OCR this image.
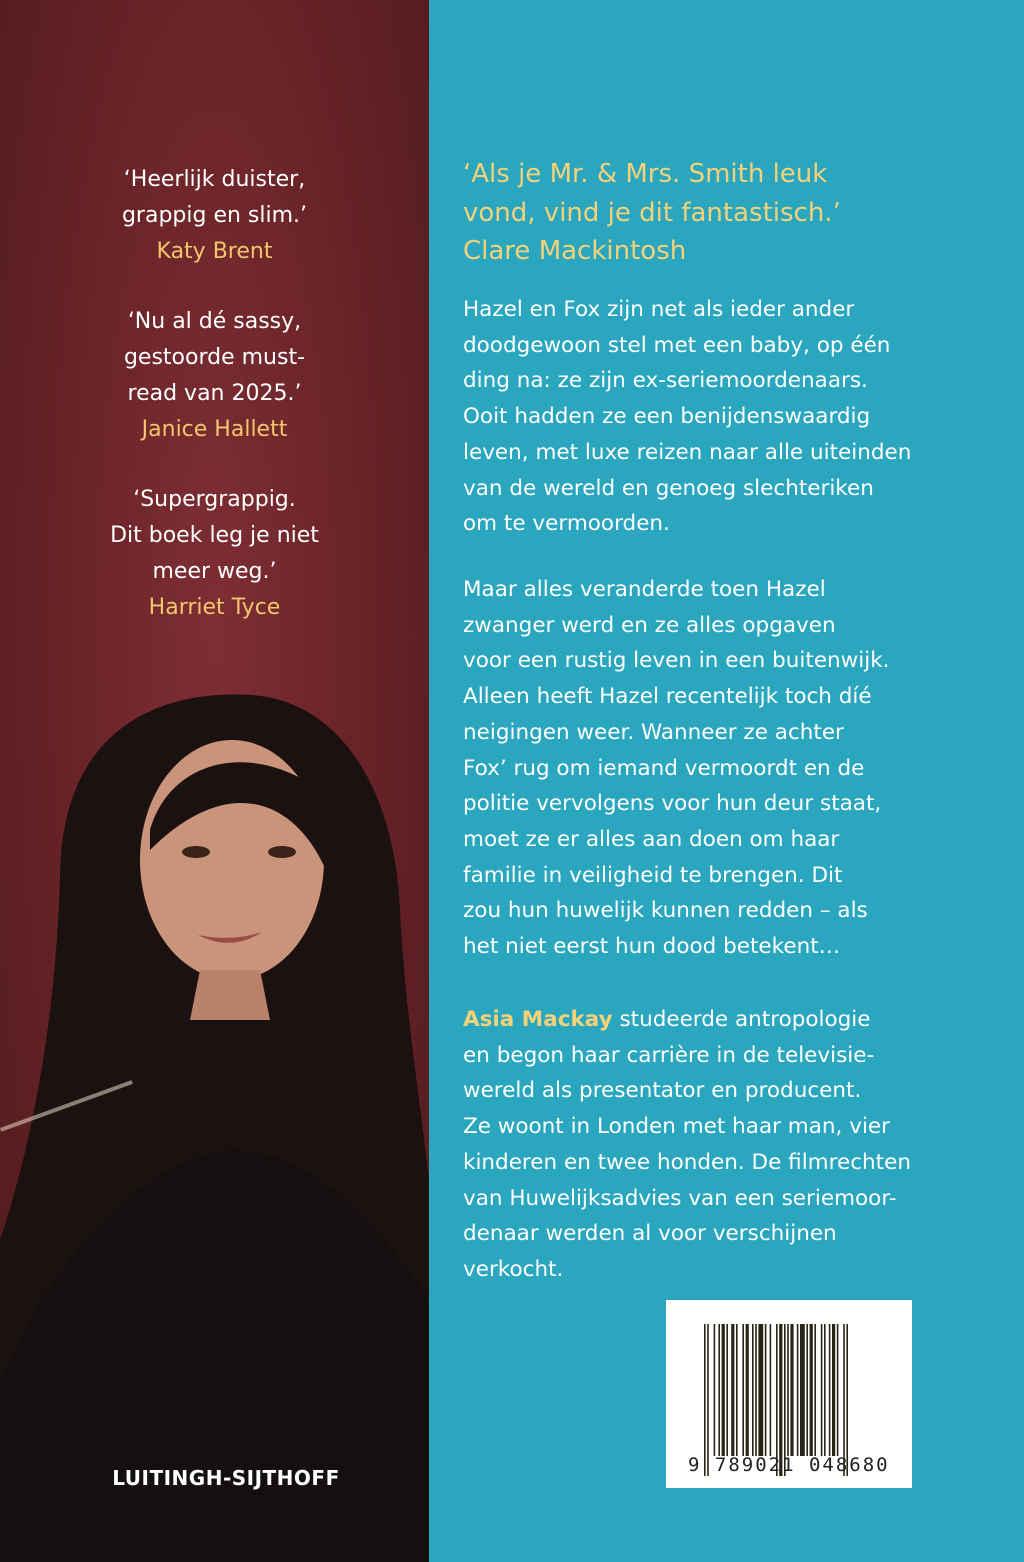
‘Heerlijk duister,
grappig en slim.’
Katy Brent
‘Nu al dé sassy,
gestoorde must-
read van 2025.’
Janice Hallett
‘Supergrappig.
Dit boek leg je niet
meer weg.’
Harriet Tyce
LUITINGH-SIJTHOFF
‘Als je Mr. & Mrs. Smith leuk
vond, vind je dit fantastisch.’
Clare Mackintosh

Hazel en Fox zijn net als ieder ander

doodgewoon stel met een baby, op één

ding na: ze zijn ex-seriemoordenaars.

Ooit hadden ze een benijdenswaardig

leven, met luxe reizen naar alle uiteinden

van de wereld en genoeg slechteriken

om te vermoorden.

Maar alles veranderde toen Hazel

zwanger werd en ze alles opgaven

voor een rustig leven in een buitenwijk.

Alleen heeft Hazel recentelijk toch díé

neigingen weer. Wanneer ze achter

Fox’ rug om iemand vermoordt en de

politie vervolgens voor hun deur staat,

moet ze er alles aan doen om haar

familie in veiligheid te brengen. Dit

zou hun huwelijk kunnen redden – als

het niet eerst hun dood betekent…

Asia Mackay studeerde antropologie

en begon haar carrière in de televisie-

wereld als presentator en producent.

Ze woont in Londen met haar man, vier

kinderen en twee honden. De filmrechten

van Huwelijksadvies van een seriemoor-

denaar werden al voor verschijnen

verkocht.

9 789021 048680
